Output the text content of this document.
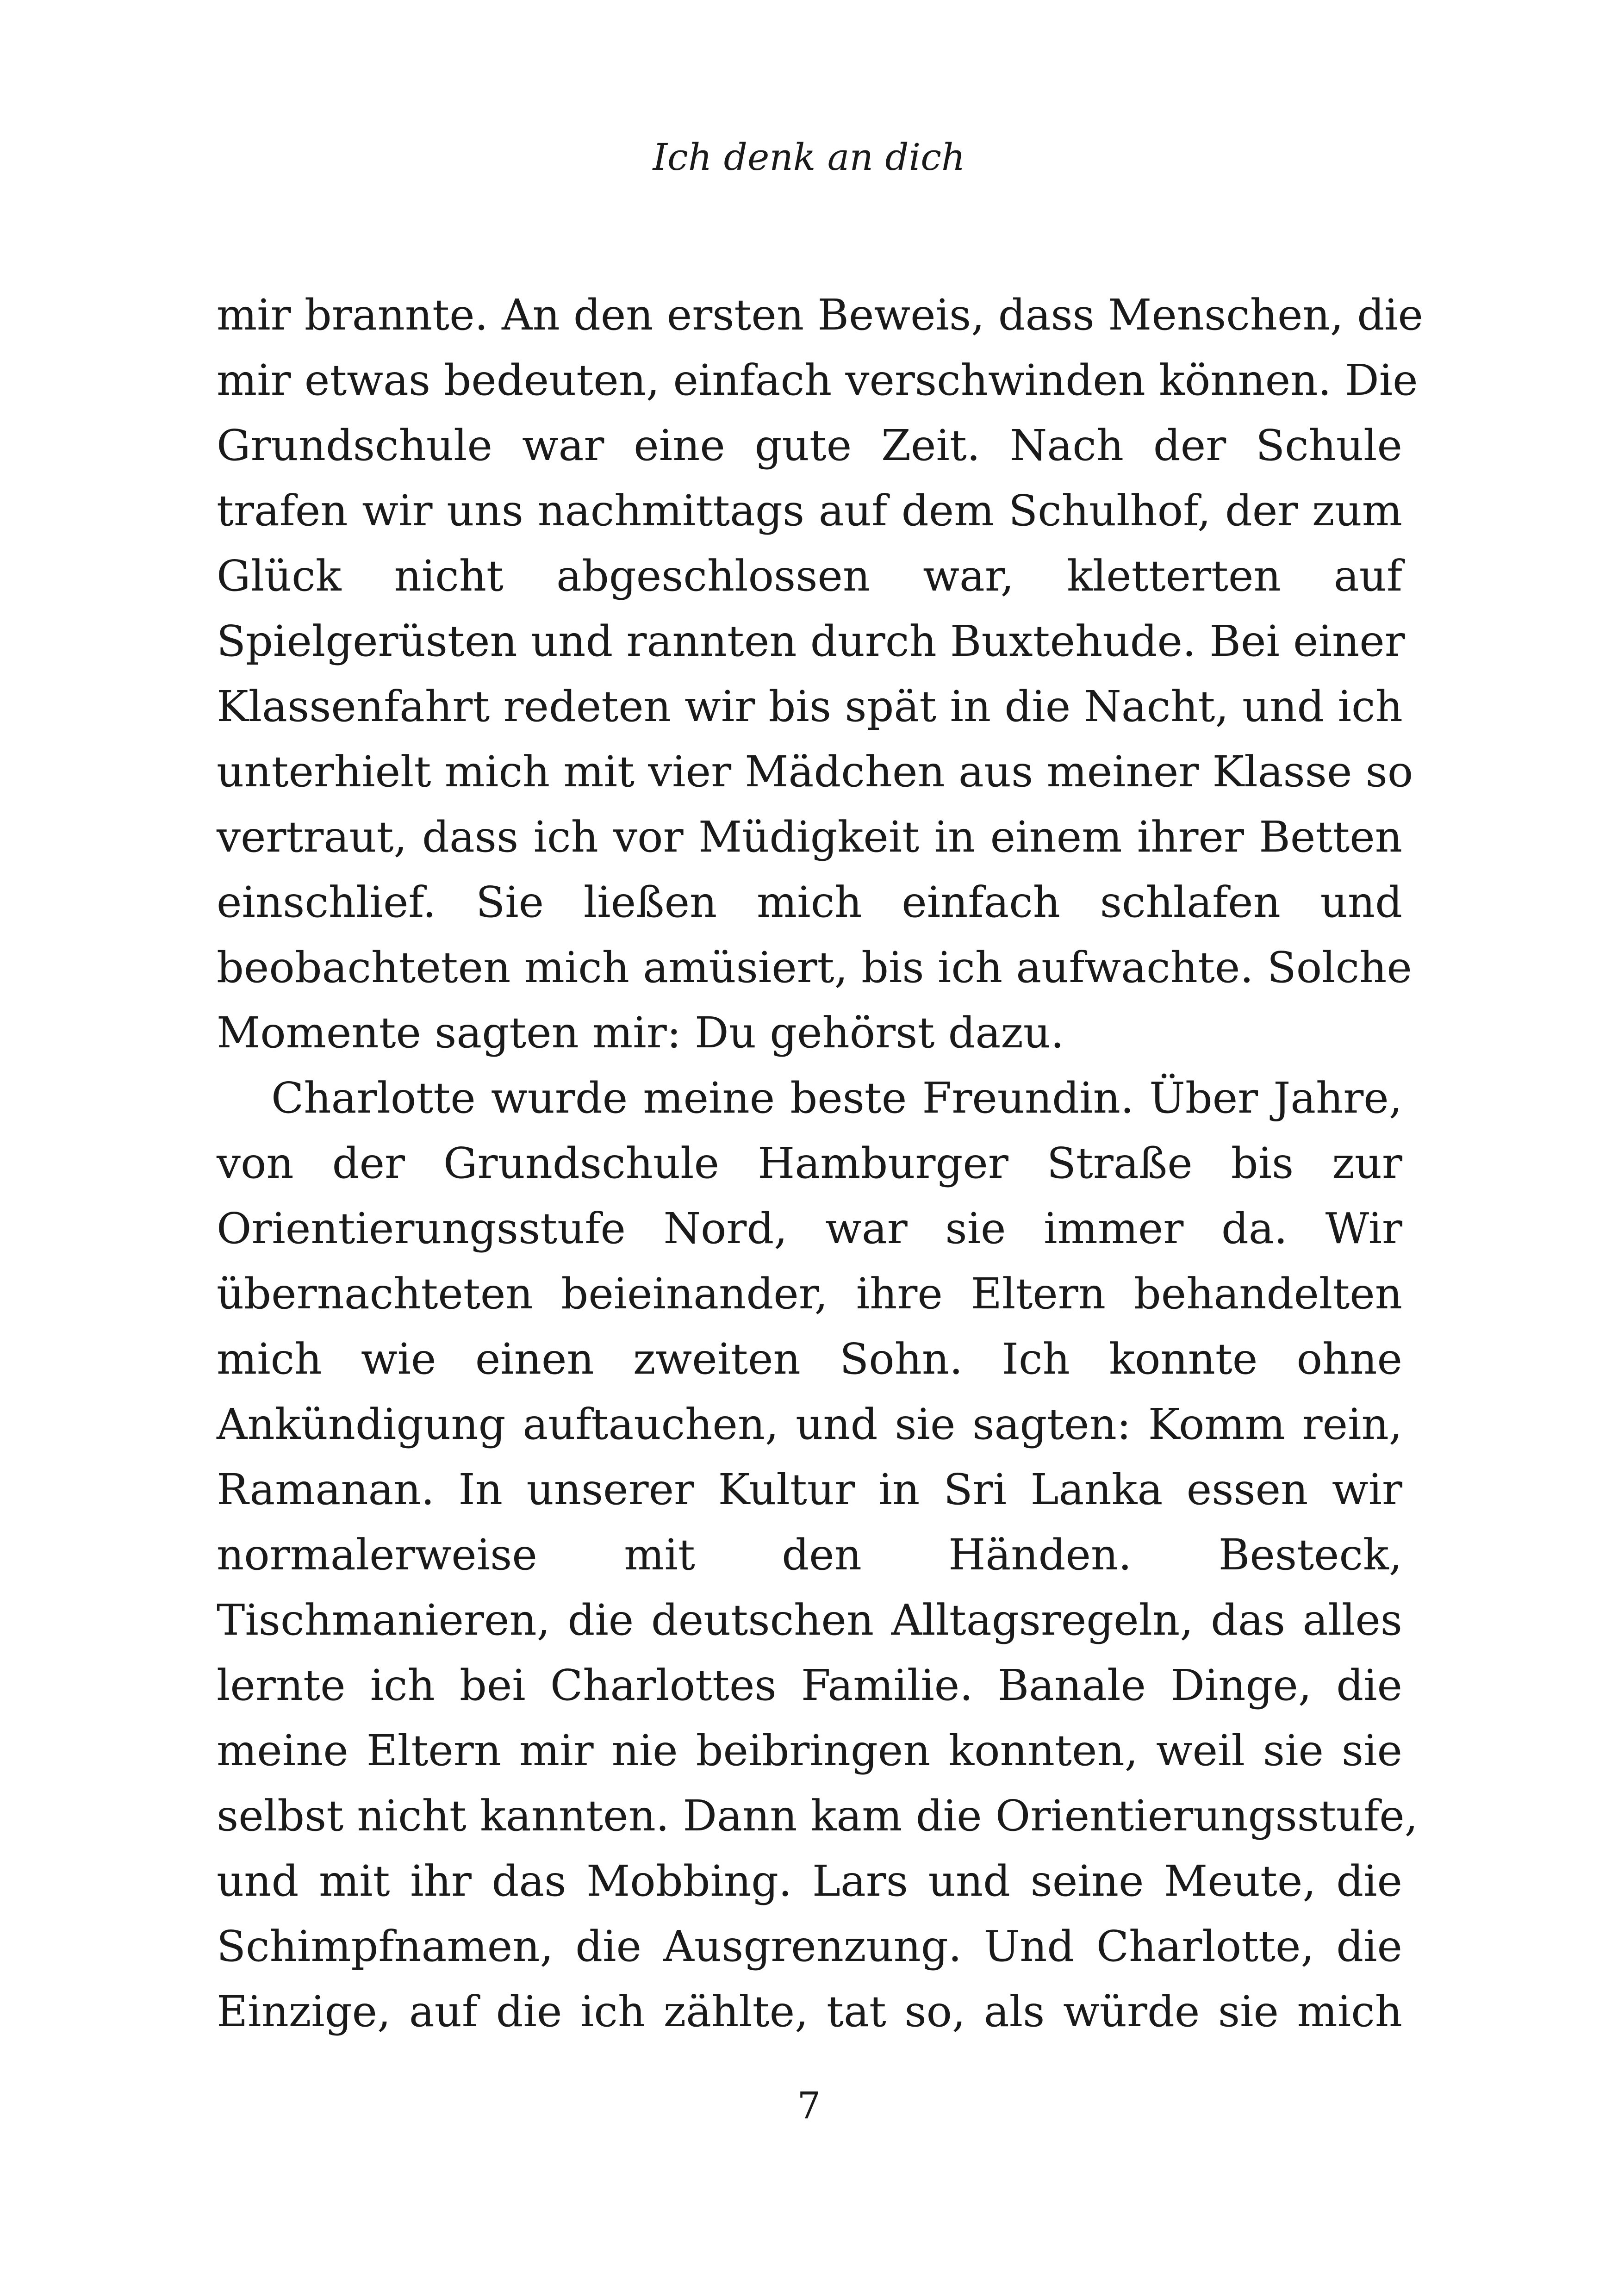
Ich denk an dich
mir brannte. An den ersten Beweis, dass Menschen, die
mir etwas bedeuten, einfach verschwinden können. Die
Grundschule war eine gute Zeit. Nach der Schule
trafen wir uns nachmittags auf dem Schulhof, der zum
Glück nicht abgeschlossen war, kletterten auf
Spielgerüsten und rannten durch Buxtehude. Bei einer
Klassenfahrt redeten wir bis spät in die Nacht, und ich
unterhielt mich mit vier Mädchen aus meiner Klasse so
vertraut, dass ich vor Müdigkeit in einem ihrer Betten
einschlief. Sie ließen mich einfach schlafen und
beobachteten mich amüsiert, bis ich aufwachte. Solche
Momente sagten mir: Du gehörst dazu.
Charlotte wurde meine beste Freundin. Über Jahre,
von der Grundschule Hamburger Straße bis zur
Orientierungsstufe Nord, war sie immer da. Wir
übernachteten beieinander, ihre Eltern behandelten
mich wie einen zweiten Sohn. Ich konnte ohne
Ankündigung auftauchen, und sie sagten: Komm rein,
Ramanan. In unserer Kultur in Sri Lanka essen wir
normalerweise mit den Händen. Besteck,
Tischmanieren, die deutschen Alltagsregeln, das alles
lernte ich bei Charlottes Familie. Banale Dinge, die
meine Eltern mir nie beibringen konnten, weil sie sie
selbst nicht kannten. Dann kam die Orientierungsstufe,
und mit ihr das Mobbing. Lars und seine Meute, die
Schimpfnamen, die Ausgrenzung. Und Charlotte, die
Einzige, auf die ich zählte, tat so, als würde sie mich
7
